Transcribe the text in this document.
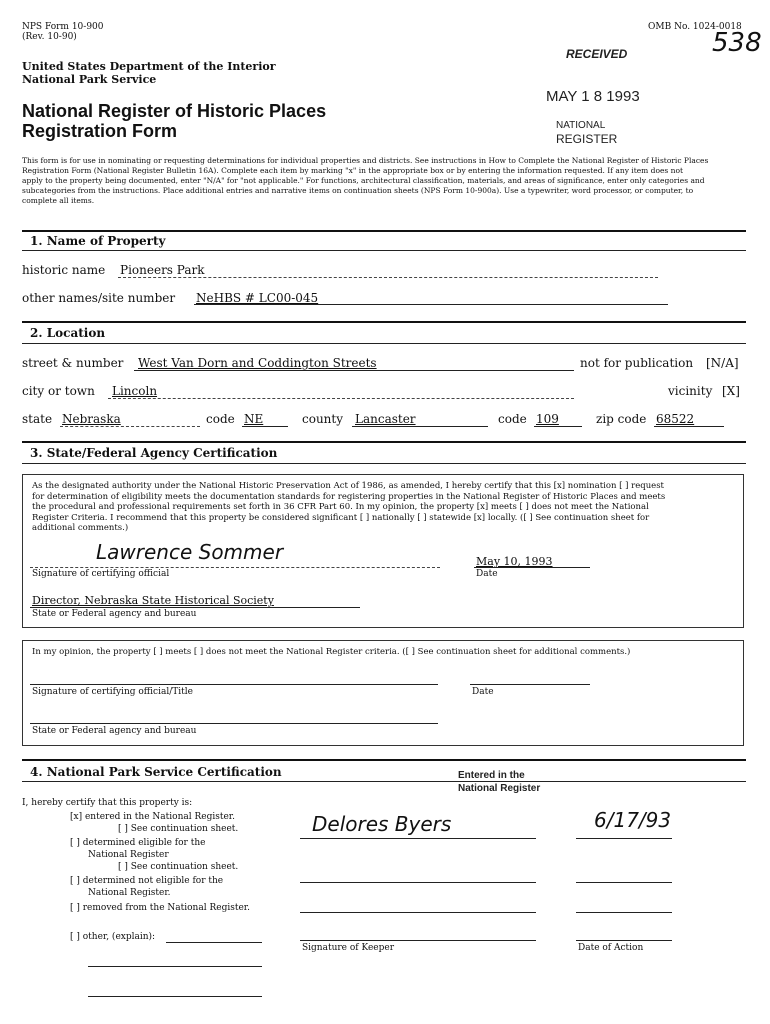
NPS Form 10-900
(Rev. 10-90)
OMB No. 1024-0018
538
United States Department of the Interior
National Park Service
National Register of Historic Places
Registration Form
RECEIVED
MAY 1 8 1993
NATIONAL
REGISTER
This form is for use in nominating or requesting determinations for individual properties and districts. See instructions in How to Complete the National Register of Historic Places
Registration Form (National Register Bulletin 16A). Complete each item by marking "x" in the appropriate box or by entering the information requested. If any item does not
apply to the property being documented, enter "N/A" for "not applicable." For functions, architectural classification, materials, and areas of significance, enter only categories and
subcategories from the instructions. Place additional entries and narrative items on continuation sheets (NPS Form 10-900a). Use a typewriter, word processor, or computer, to
complete all items.
1. Name of Property
historic name Pioneers Park
other names/site number NeHBS # LC00-045
2. Location
street & number West Van Dorn and Coddington Streets	not for publication [N/A]
city or town Lincoln	vicinity [X]
state Nebraska	code NE	county Lancaster	code 109	zip code 68522
3. State/Federal Agency Certification
As the designated authority under the National Historic Preservation Act of 1986, as amended, I hereby certify that this [x] nomination [ ] request
for determination of eligibility meets the documentation standards for registering properties in the National Register of Historic Places and meets
the procedural and professional requirements set forth in 36 CFR Part 60. In my opinion, the property [x] meets [ ] does not meet the National
Register Criteria. I recommend that this property be considered significant [ ] nationally [ ] statewide [x] locally. ([ ] See continuation sheet for
additional comments.)
Lawrence Sommer
Signature of certifying official
May 10, 1993
Date
Director, Nebraska State Historical Society
State or Federal agency and bureau
In my opinion, the property [ ] meets [ ] does not meet the National Register criteria. ([ ] See continuation sheet for additional comments.)
Signature of certifying official/Title	Date
State or Federal agency and bureau
4. National Park Service Certification	Entered in the
National Register
I, hereby certify that this property is:
[x] entered in the National Register.
[ ] See continuation sheet.
[ ] determined eligible for the
National Register
[ ] See continuation sheet.
[ ] determined not eligible for the
National Register.
[ ] removed from the National Register.
[ ] other, (explain):
Delores Byers	6/17/93
Signature of Keeper	Date of Action
